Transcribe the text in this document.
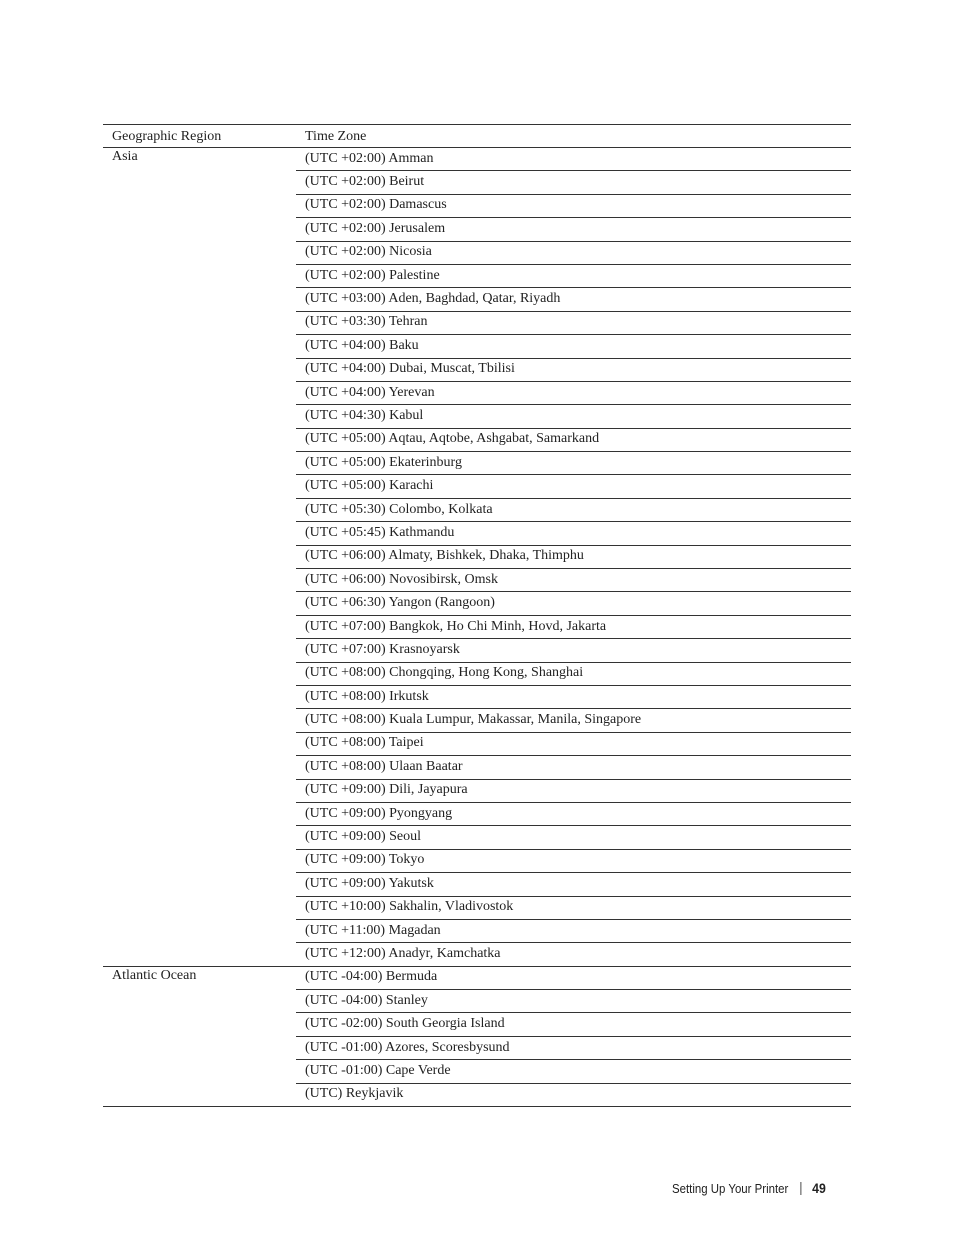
Geographic Region	Time Zone
Asia	(UTC +02:00) Amman
	(UTC +02:00) Beirut
	(UTC +02:00) Damascus
	(UTC +02:00) Jerusalem
	(UTC +02:00) Nicosia
	(UTC +02:00) Palestine
	(UTC +03:00) Aden, Baghdad, Qatar, Riyadh
	(UTC +03:30) Tehran
	(UTC +04:00) Baku
	(UTC +04:00) Dubai, Muscat, Tbilisi
	(UTC +04:00) Yerevan
	(UTC +04:30) Kabul
	(UTC +05:00) Aqtau, Aqtobe, Ashgabat, Samarkand
	(UTC +05:00) Ekaterinburg
	(UTC +05:00) Karachi
	(UTC +05:30) Colombo, Kolkata
	(UTC +05:45) Kathmandu
	(UTC +06:00) Almaty, Bishkek, Dhaka, Thimphu
	(UTC +06:00) Novosibirsk, Omsk
	(UTC +06:30) Yangon (Rangoon)
	(UTC +07:00) Bangkok, Ho Chi Minh, Hovd, Jakarta
	(UTC +07:00) Krasnoyarsk
	(UTC +08:00) Chongqing, Hong Kong, Shanghai
	(UTC +08:00) Irkutsk
	(UTC +08:00) Kuala Lumpur, Makassar, Manila, Singapore
	(UTC +08:00) Taipei
	(UTC +08:00) Ulaan Baatar
	(UTC +09:00) Dili, Jayapura
	(UTC +09:00) Pyongyang
	(UTC +09:00) Seoul
	(UTC +09:00) Tokyo
	(UTC +09:00) Yakutsk
	(UTC +10:00) Sakhalin, Vladivostok
	(UTC +11:00) Magadan
	(UTC +12:00) Anadyr, Kamchatka
Atlantic Ocean	(UTC -04:00) Bermuda
	(UTC -04:00) Stanley
	(UTC -02:00) South Georgia Island
	(UTC -01:00) Azores, Scoresbysund
	(UTC -01:00) Cape Verde
	(UTC) Reykjavik
Setting Up Your Printer 49
